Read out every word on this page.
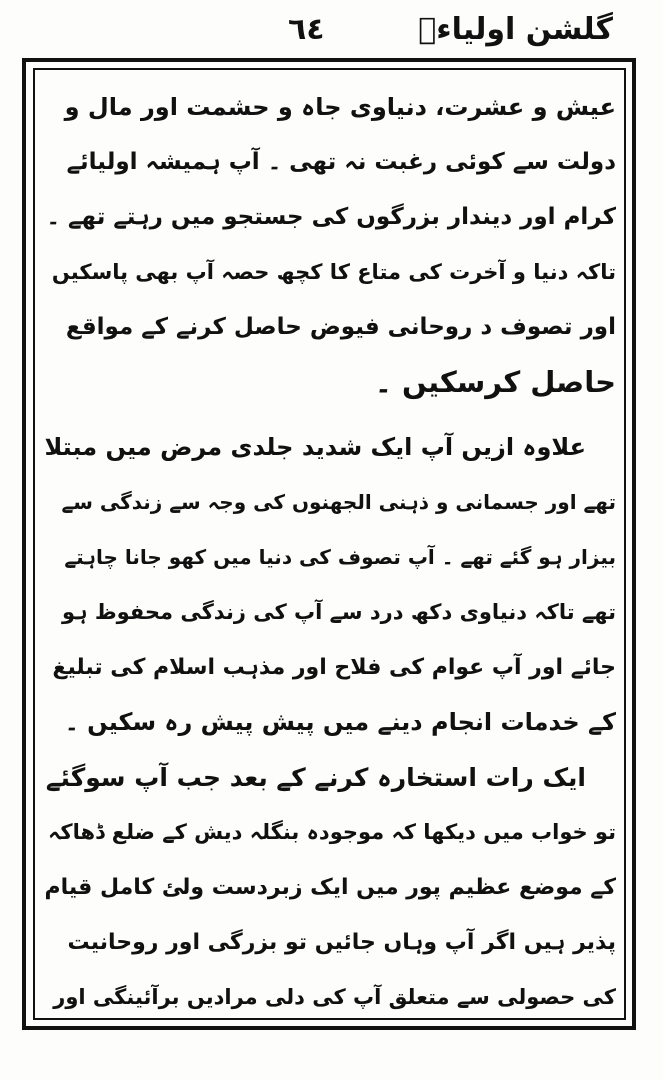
٦٤	گلشن اولیاءؒ
عیش و عشرت، دنیاوی جاہ و حشمت اور مال و
دولت سے کوئی رغبت نہ تھی ۔ آپ ہمیشہ اولیائے
کرام اور دیندار بزرگوں کی جستجو میں رہتے تھے ۔
تاکہ دنیا و آخرت کی متاع کا کچھ حصہ آپ بھی پاسکیں
اور تصوف د روحانی فیوض حاصل کرنے کے مواقع
حاصل کرسکیں ۔
علاوہ ازیں آپ ایک شدید جلدی مرض میں مبتلا
تھے اور جسمانی و ذہنی الجھنوں کی وجہ سے زندگی سے
بیزار ہو گئے تھے ۔ آپ تصوف کی دنیا میں کھو جانا چاہتے
تھے تاکہ دنیاوی دکھ درد سے آپ کی زندگی محفوظ ہو
جائے اور آپ عوام کی فلاح اور مذہب اسلام کی تبلیغ
کے خدمات انجام دینے میں پیش پیش رہ سکیں ۔
ایک رات استخارہ کرنے کے بعد جب آپ سوگئے
تو خواب میں دیکھا کہ موجودہ بنگلہ دیش کے ضلع ڈھاکہ
کے موضع عظیم پور میں ایک زبردست ولئ کامل قیام
پذیر ہیں اگر آپ وہاں جائیں تو بزرگی اور روحانیت
کی حصولی سے متعلق آپ کی دلی مرادیں برآئینگی اور
